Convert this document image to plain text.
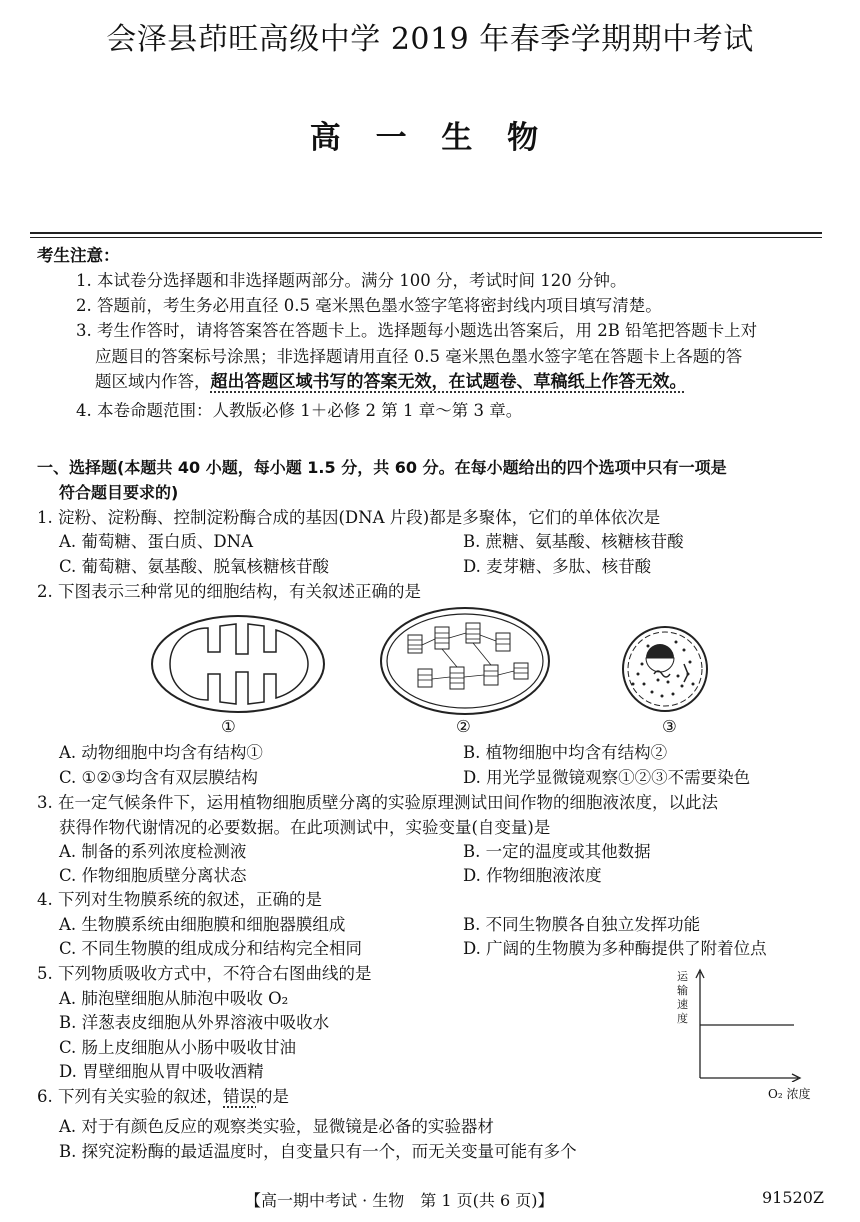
会泽县茚旺高级中学 2019 年春季学期期中考试
高 一 生 物
考生注意：
1. 本试卷分选择题和非选择题两部分。满分 100 分，考试时间 120 分钟。
2. 答题前，考生务必用直径 0.5 毫米黑色墨水签字笔将密封线内项目填写清楚。
3. 考生作答时，请将答案答在答题卡上。选择题每小题选出答案后，用 2B 铅笔把答题卡上对
应题目的答案标号涂黑；非选择题请用直径 0.5 毫米黑色墨水签字笔在答题卡上各题的答
题区域内作答，超出答题区域书写的答案无效，在试题卷、草稿纸上作答无效。
4. 本卷命题范围：人教版必修 1＋必修 2 第 1 章～第 3 章。
一、选择题(本题共 40 小题，每小题 1.5 分，共 60 分。在每小题给出的四个选项中只有一项是
符合题目要求的)
1. 淀粉、淀粉酶、控制淀粉酶合成的基因(DNA 片段)都是多聚体，它们的单体依次是
A. 葡萄糖、蛋白质、DNA	B. 蔗糖、氨基酸、核糖核苷酸
C. 葡萄糖、氨基酸、脱氧核糖核苷酸	D. 麦芽糖、多肽、核苷酸
2. 下图表示三种常见的细胞结构，有关叙述正确的是
①	②	③
A. 动物细胞中均含有结构①	B. 植物细胞中均含有结构②
C. ①②③均含有双层膜结构	D. 用光学显微镜观察①②③不需要染色
3. 在一定气候条件下，运用植物细胞质壁分离的实验原理测试田间作物的细胞液浓度，以此法
获得作物代谢情况的必要数据。在此项测试中，实验变量(自变量)是
A. 制备的系列浓度检测液	B. 一定的温度或其他数据
C. 作物细胞质壁分离状态	D. 作物细胞液浓度
4. 下列对生物膜系统的叙述，正确的是
A. 生物膜系统由细胞膜和细胞器膜组成	B. 不同生物膜各自独立发挥功能
C. 不同生物膜的组成成分和结构完全相同	D. 广阔的生物膜为多种酶提供了附着位点
5. 下列物质吸收方式中，不符合右图曲线的是
A. 肺泡壁细胞从肺泡中吸收 O₂
B. 洋葱表皮细胞从外界溶液中吸收水
C. 肠上皮细胞从小肠中吸收甘油
D. 胃壁细胞从胃中吸收酒精
运
输
速
度
O₂ 浓度
6. 下列有关实验的叙述，错误的是
A. 对于有颜色反应的观察类实验，显微镜是必备的实验器材
B. 探究淀粉酶的最适温度时，自变量只有一个，而无关变量可能有多个
【高一期中考试 · 生物　第 1 页(共 6 页)】	91520Z
